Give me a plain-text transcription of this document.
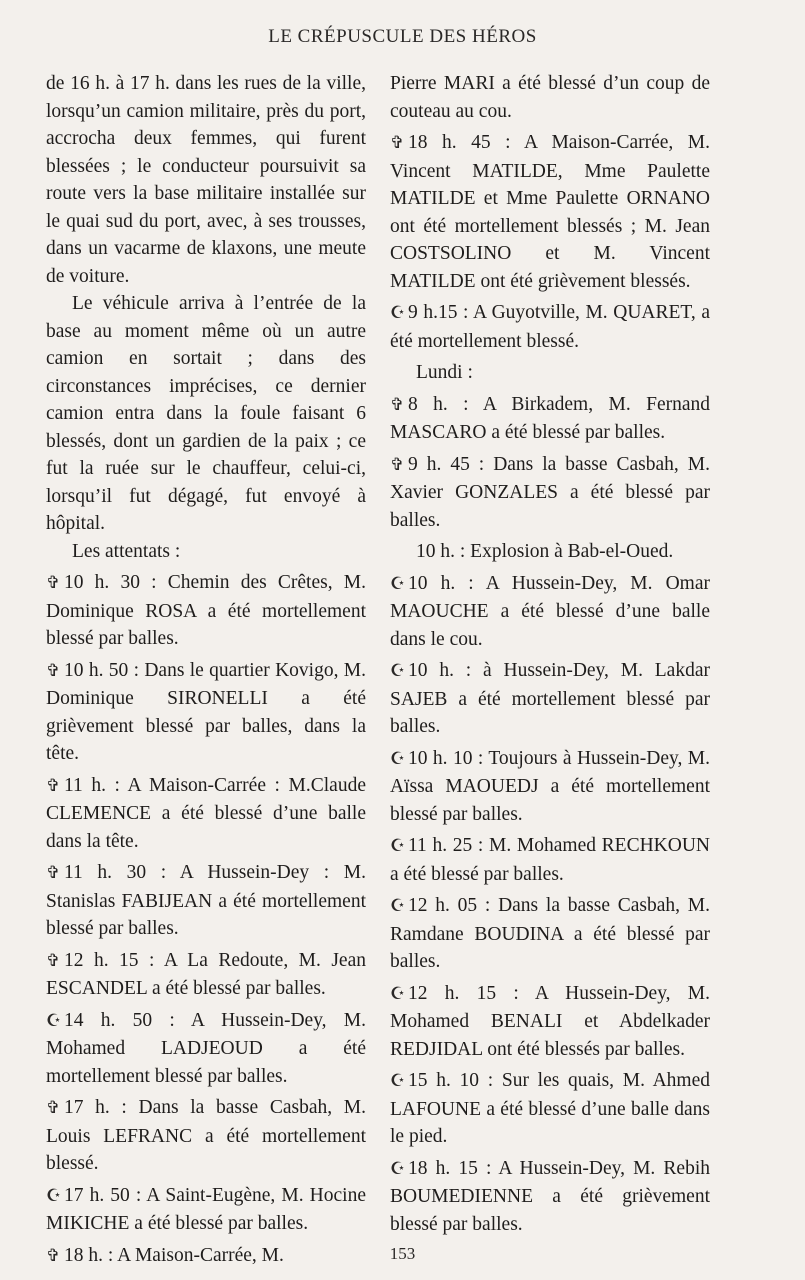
LE CRÉPUSCULE DES HÉROS

de 16 h. à 17 h. dans les rues de la ville, lorsqu’un camion militaire, près du port, accrocha deux femmes, qui furent blessées ; le conducteur poursuivit sa route vers la base militaire installée sur le quai sud du port, avec, à ses trousses, dans un vacarme de klaxons, une meute de voiture.

Le véhicule arriva à l’entrée de la base au moment même où un autre camion en sortait ; dans des circonstances imprécises, ce dernier camion entra dans la foule faisant 6 blessés, dont un gardien de la paix ; ce fut la ruée sur le chauffeur, celui-ci, lorsqu’il fut dégagé, fut envoyé à hôpital.

Les attentats :

✞ 10 h. 30 : Chemin des Crêtes, M. Dominique ROSA a été mortellement blessé par balles.

✞ 10 h. 50 : Dans le quartier Kovigo, M. Dominique SIRONELLI a été grièvement blessé par balles, dans la tête.

✞ 11 h. : A Maison-Carrée : M.Claude CLEMENCE a été blessé d’une balle dans la tête.

✞ 11 h. 30 : A Hussein-Dey : M. Stanislas FABIJEAN a été mortellement blessé par balles.

✞ 12 h. 15 : A La Redoute, M. Jean ESCANDEL a été blessé par balles.

☪ 14 h. 50 : A Hussein-Dey, M. Mohamed LADJEOUD a été mortellement blessé par balles.

✞ 17 h. : Dans la basse Casbah, M. Louis LEFRANC a été mortellement blessé.

☪ 17 h. 50 : A Saint-Eugène, M. Hocine MIKICHE a été blessé par balles.

✞ 18 h. : A Maison-Carrée, M.

Pierre MARI a été blessé d’un coup de couteau au cou.

✞ 18 h. 45 : A Maison-Carrée, M. Vincent MATILDE, Mme Paulette MATILDE et Mme Paulette ORNANO ont été mortellement blessés ; M. Jean COSTSOLINO et M. Vincent MATILDE ont été grièvement blessés.

☪ 9 h.15 : A Guyotville, M. QUARET, a été mortellement blessé.

Lundi :

✞ 8 h. : A Birkadem, M. Fernand MASCARO a été blessé par balles.

✞ 9 h. 45 : Dans la basse Casbah, M. Xavier GONZALES a été blessé par balles.

10 h. : Explosion à Bab-el-Oued.

☪ 10 h. : A Hussein-Dey, M. Omar MAOUCHE a été blessé d’une balle dans le cou.

☪ 10 h. : à Hussein-Dey, M. Lakdar SAJEB a été mortellement blessé par balles.

☪ 10 h. 10 : Toujours à Hussein-Dey, M. Aïssa MAOUEDJ a été mortellement blessé par balles.

☪ 11 h. 25 : M. Mohamed RECHKOUN a été blessé par balles.

☪ 12 h. 05 : Dans la basse Casbah, M. Ramdane BOUDINA a été blessé par balles.

☪ 12 h. 15 : A Hussein-Dey, M. Mohamed BENALI et Abdelkader REDJIDAL ont été blessés par balles.

☪ 15 h. 10 : Sur les quais, M. Ahmed LAFOUNE a été blessé d’une balle dans le pied.

☪ 18 h. 15 : A Hussein-Dey, M. Rebih BOUMEDIENNE a été grièvement blessé par balles.

153
